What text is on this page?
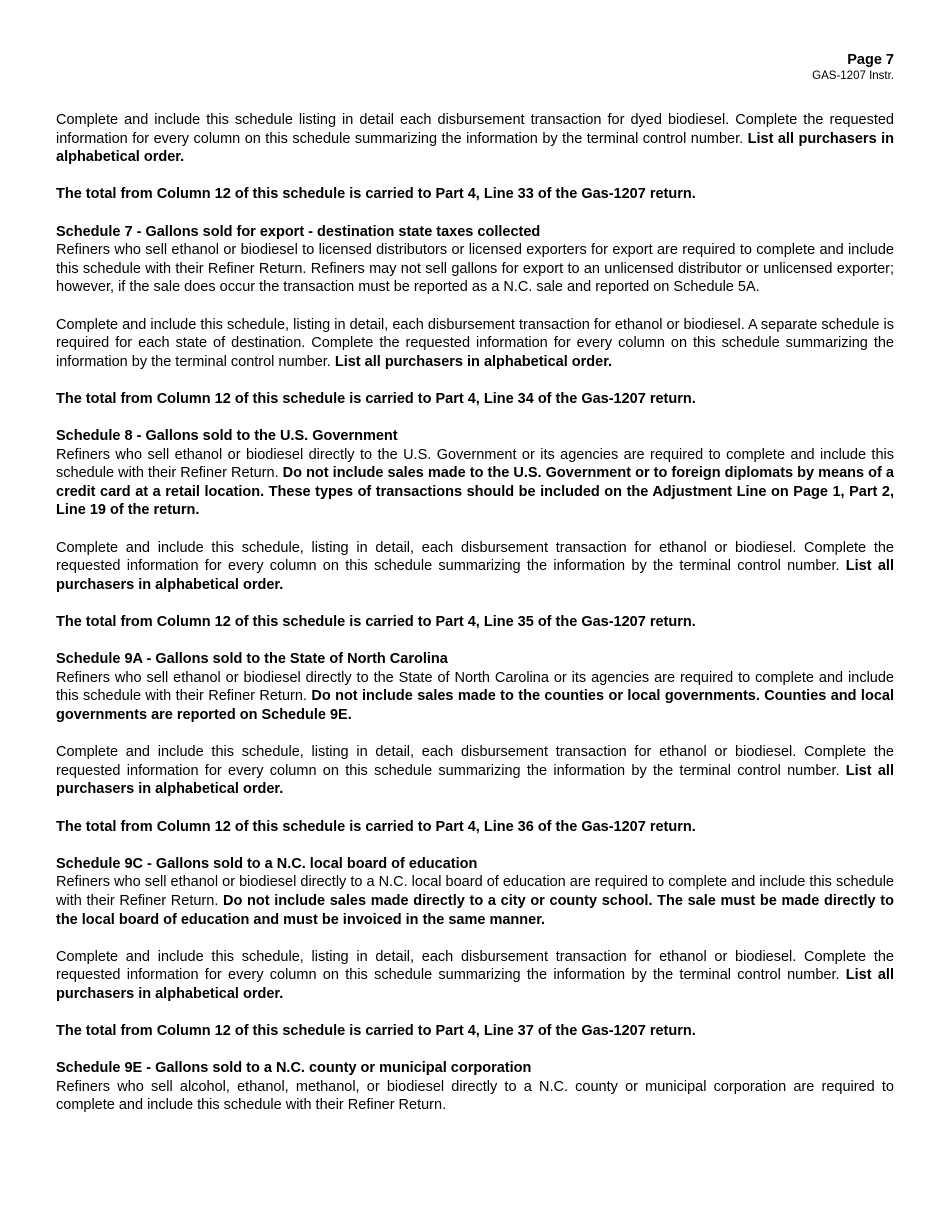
Page 7
GAS-1207 Instr.

Complete and include this schedule listing in detail each disbursement transaction for dyed biodiesel. Complete the requested information for every column on this schedule summarizing the information by the terminal control number. List all purchasers in alphabetical order.

The total from Column 12 of this schedule is carried to Part 4, Line 33 of the Gas-1207 return.

Schedule 7 - Gallons sold for export - destination state taxes collected

Refiners who sell ethanol or biodiesel to licensed distributors or licensed exporters for export are required to complete and include this schedule with their Refiner Return. Refiners may not sell gallons for export to an unlicensed distributor or unlicensed exporter; however, if the sale does occur the transaction must be reported as a N.C. sale and reported on Schedule 5A.

Complete and include this schedule, listing in detail, each disbursement transaction for ethanol or biodiesel. A separate schedule is required for each state of destination. Complete the requested information for every column on this schedule summarizing the information by the terminal control number. List all purchasers in alphabetical order.

The total from Column 12 of this schedule is carried to Part 4, Line 34 of the Gas-1207 return.

Schedule 8 - Gallons sold to the U.S. Government

Refiners who sell ethanol or biodiesel directly to the U.S. Government or its agencies are required to complete and include this schedule with their Refiner Return. Do not include sales made to the U.S. Government or to foreign diplomats by means of a credit card at a retail location. These types of transactions should be included on the Adjustment Line on Page 1, Part 2, Line 19 of the return.

Complete and include this schedule, listing in detail, each disbursement transaction for ethanol or biodiesel. Complete the requested information for every column on this schedule summarizing the information by the terminal control number. List all purchasers in alphabetical order.

The total from Column 12 of this schedule is carried to Part 4, Line 35 of the Gas-1207 return.

Schedule 9A - Gallons sold to the State of North Carolina

Refiners who sell ethanol or biodiesel directly to the State of North Carolina or its agencies are required to complete and include this schedule with their Refiner Return. Do not include sales made to the counties or local governments. Counties and local governments are reported on Schedule 9E.

Complete and include this schedule, listing in detail, each disbursement transaction for ethanol or biodiesel. Complete the requested information for every column on this schedule summarizing the information by the terminal control number. List all purchasers in alphabetical order.

The total from Column 12 of this schedule is carried to Part 4, Line 36 of the Gas-1207 return.

Schedule 9C - Gallons sold to a N.C. local board of education

Refiners who sell ethanol or biodiesel directly to a N.C. local board of education are required to complete and include this schedule with their Refiner Return. Do not include sales made directly to a city or county school. The sale must be made directly to the local board of education and must be invoiced in the same manner.

Complete and include this schedule, listing in detail, each disbursement transaction for ethanol or biodiesel. Complete the requested information for every column on this schedule summarizing the information by the terminal control number. List all purchasers in alphabetical order.

The total from Column 12 of this schedule is carried to Part 4, Line 37 of the Gas-1207 return.

Schedule 9E - Gallons sold to a N.C. county or municipal corporation

Refiners who sell alcohol, ethanol, methanol, or biodiesel directly to a N.C. county or municipal corporation are required to complete and include this schedule with their Refiner Return.
